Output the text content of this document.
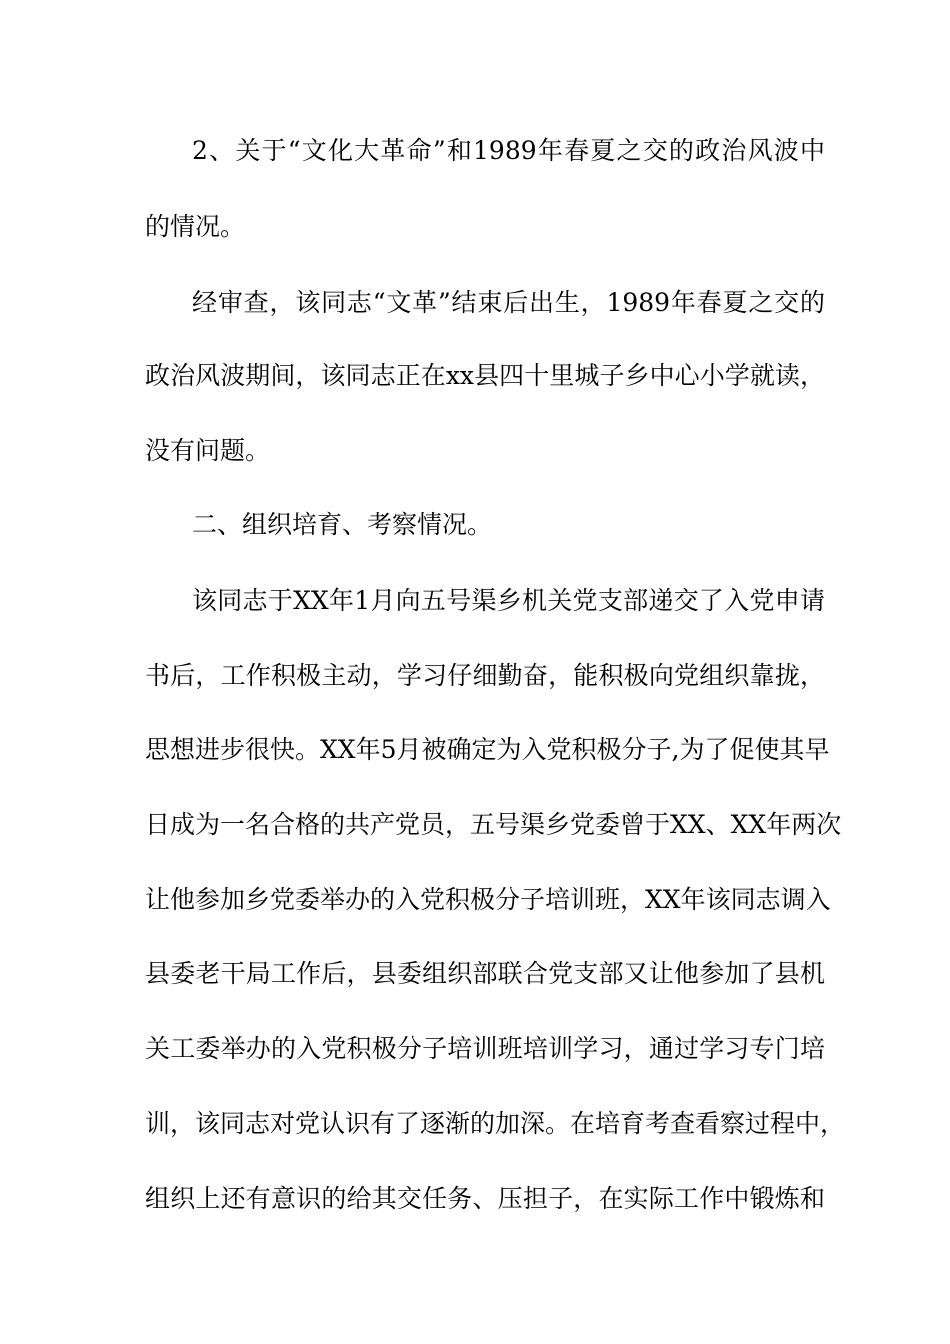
2、关于“文化大革命”和1989年春夏之交的政治风波中
的情况。
经审查，该同志“文革”结束后出生，1989年春夏之交的
政治风波期间，该同志正在xx县四十里城子乡中心小学就读，
没有问题。
二、组织培育、考察情况。
该同志于XX年1月向五号渠乡机关党支部递交了入党申请
书后，工作积极主动，学习仔细勤奋，能积极向党组织靠拢，
思想进步很快。XX年5月被确定为入党积极分子,为了促使其早
日成为一名合格的共产党员，五号渠乡党委曾于XX、XX年两次
让他参加乡党委举办的入党积极分子培训班，XX年该同志调入
县委老干局工作后，县委组织部联合党支部又让他参加了县机
关工委举办的入党积极分子培训班培训学习，通过学习专门培
训，该同志对党认识有了逐渐的加深。在培育考查看察过程中，
组织上还有意识的给其交任务、压担子，在实际工作中锻炼和
